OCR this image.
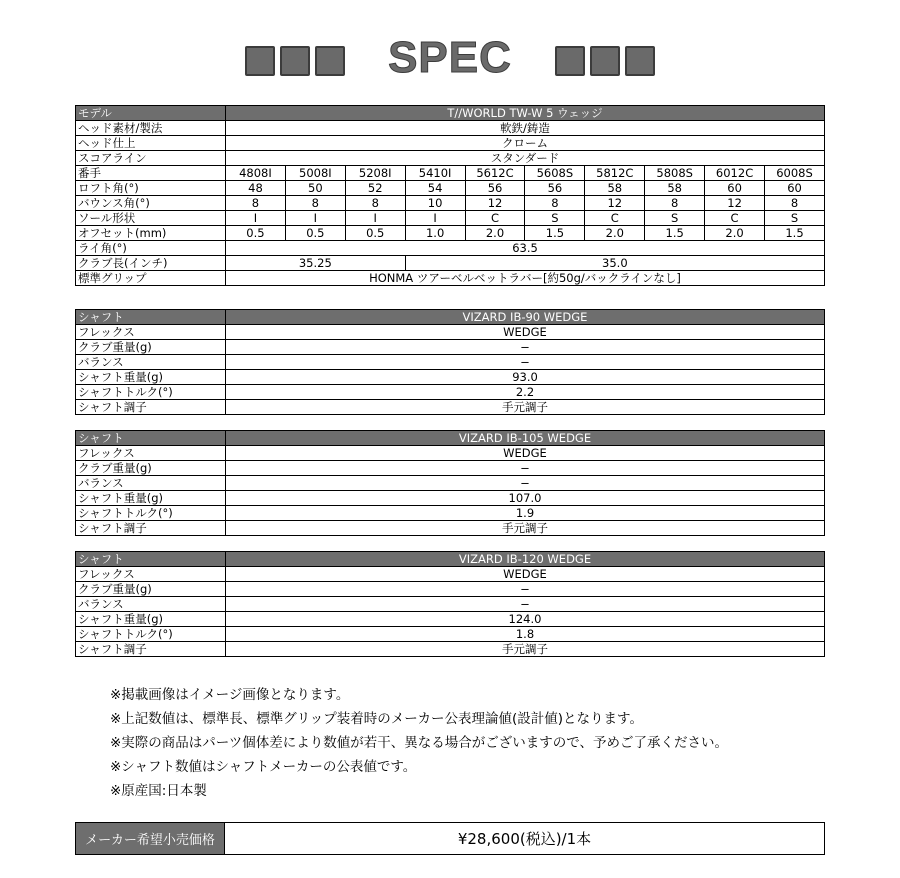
SPEC
モデル	T//WORLD TW-W 5 ウェッジ									
ヘッド素材/製法	軟鉄/鋳造									
ヘッド仕上	クローム									
スコアライン	スタンダード									
番手	4808I	5008I	5208I	5410I	5612C	5608S	5812C	5808S	6012C	6008S
ロフト角(°)	48	50	52	54	56	56	58	58	60	60
バウンス角(°)	8	8	8	10	12	8	12	8	12	8
ソール形状	I	I	I	I	C	S	C	S	C	S
オフセット(mm)	0.5	0.5	0.5	1.0	2.0	1.5	2.0	1.5	2.0	1.5
ライ角(°)	63.5									
クラブ長(インチ)	35.25			35.0						
標準グリップ	HONMA ツアーベルベットラバー[約50g/バックラインなし]									
シャフト	VIZARD IB-90 WEDGE
フレックス	WEDGE
クラブ重量(g)	−
バランス	−
シャフト重量(g)	93.0
シャフトトルク(°)	2.2
シャフト調子	手元調子
シャフト	VIZARD IB-105 WEDGE
フレックス	WEDGE
クラブ重量(g)	−
バランス	−
シャフト重量(g)	107.0
シャフトトルク(°)	1.9
シャフト調子	手元調子
シャフト	VIZARD IB-120 WEDGE
フレックス	WEDGE
クラブ重量(g)	−
バランス	−
シャフト重量(g)	124.0
シャフトトルク(°)	1.8
シャフト調子	手元調子
※掲載画像はイメージ画像となります。
※上記数値は、標準長、標準グリップ装着時のメーカー公表理論値(設計値)となります。
※実際の商品はパーツ個体差により数値が若干、異なる場合がございますので、予めご了承ください。
※シャフト数値はシャフトメーカーの公表値です。
※原産国:日本製
メーカー希望小売価格	¥28,600(税込)/1本
